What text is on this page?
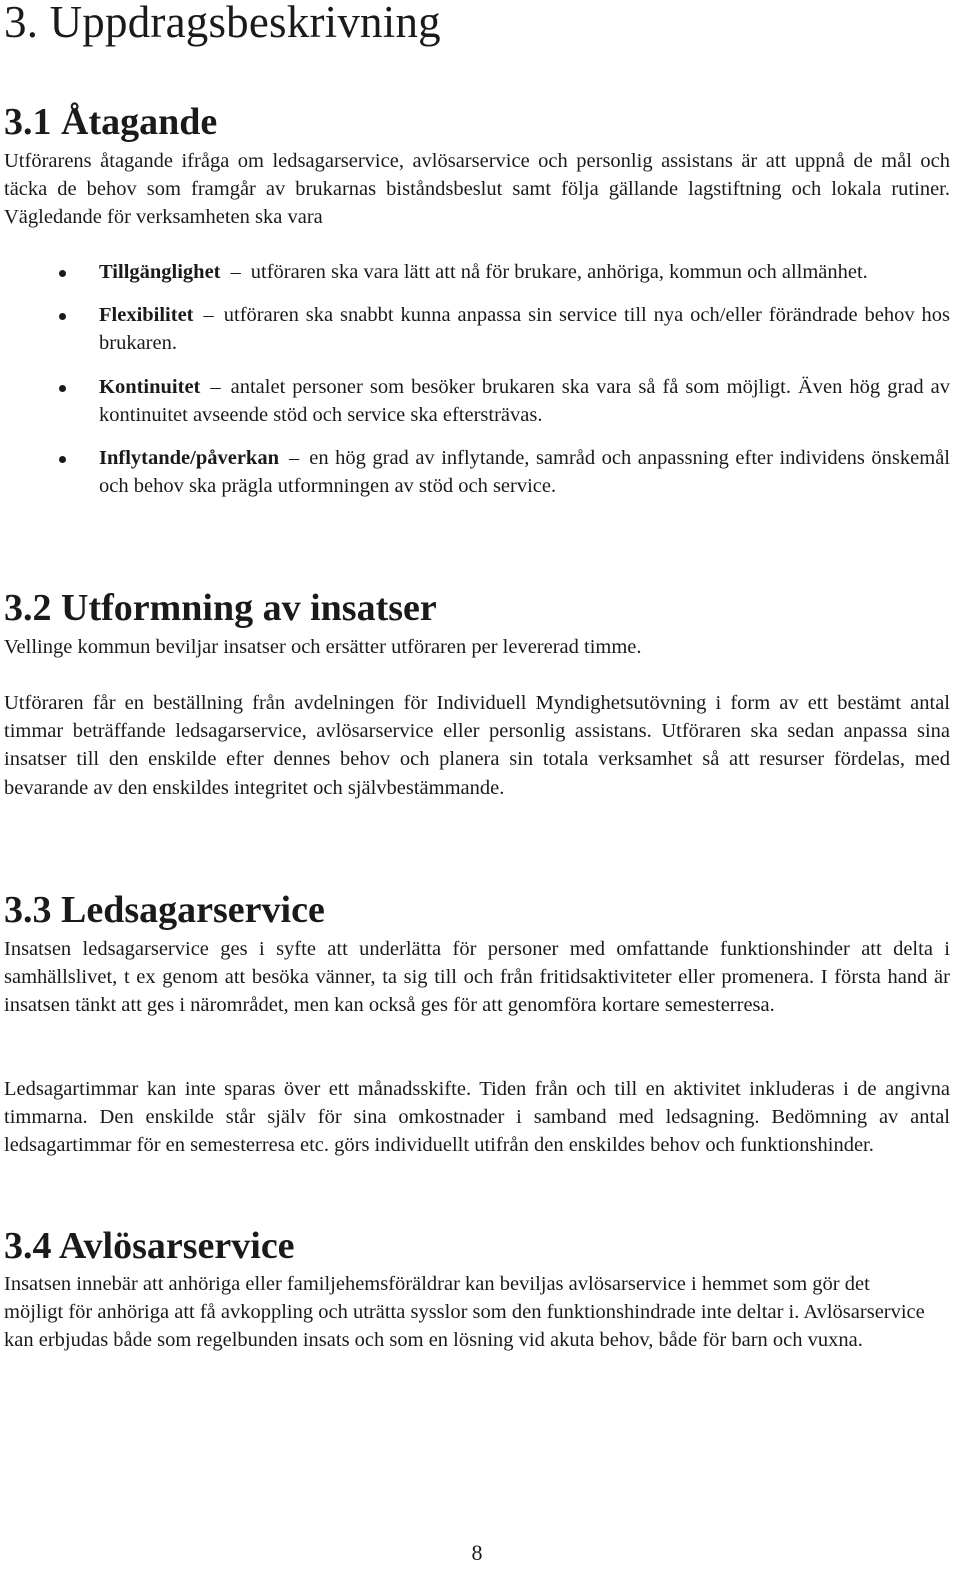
3. Uppdragsbeskrivning
3.1 Åtagande

Utförarens åtagande ifråga om ledsagarservice, avlösarservice och personlig assistans är att uppnå de mål och täcka de behov som framgår av brukarnas biståndsbeslut samt följa gällande lagstiftning och lokala rutiner. Vägledande för verksamheten ska vara

Tillgänglighet – utföraren ska vara lätt att nå för brukare, anhöriga, kommun och allmänhet.
Flexibilitet – utföraren ska snabbt kunna anpassa sin service till nya och/eller förändrade behov hos brukaren.
Kontinuitet – antalet personer som besöker brukaren ska vara så få som möjligt. Även hög grad av kontinuitet avseende stöd och service ska eftersträvas.
Inflytande/påverkan – en hög grad av inflytande, samråd och anpassning efter individens önskemål och behov ska prägla utformningen av stöd och service.
3.2 Utformning av insatser

Vellinge kommun beviljar insatser och ersätter utföraren per levererad timme.

Utföraren får en beställning från avdelningen för Individuell Myndighetsutövning i form av ett bestämt antal timmar beträffande ledsagarservice, avlösarservice eller personlig assistans. Utföraren ska sedan anpassa sina insatser till den enskilde efter dennes behov och planera sin totala verksamhet så att resurser fördelas, med bevarande av den enskildes integritet och självbestämmande.

3.3 Ledsagarservice

Insatsen ledsagarservice ges i syfte att underlätta för personer med omfattande funktionshinder att delta i samhällslivet, t ex genom att besöka vänner, ta sig till och från fritidsaktiviteter eller promenera. I första hand är insatsen tänkt att ges i närområdet, men kan också ges för att genomföra kortare semesterresa.

Ledsagartimmar kan inte sparas över ett månadsskifte. Tiden från och till en aktivitet inkluderas i de angivna timmarna. Den enskilde står själv för sina omkostnader i samband med ledsagning. Bedömning av antal ledsagartimmar för en semesterresa etc. görs individuellt utifrån den enskildes behov och funktionshinder.

3.4 Avlösarservice

Insatsen innebär att anhöriga eller familjehemsföräldrar kan beviljas avlösarservice i hemmet som gör det möjligt för anhöriga att få avkoppling och uträtta sysslor som den funktionshindrade inte deltar i. Avlösarservice kan erbjudas både som regelbunden insats och som en lösning vid akuta behov, både för barn och vuxna.

8
